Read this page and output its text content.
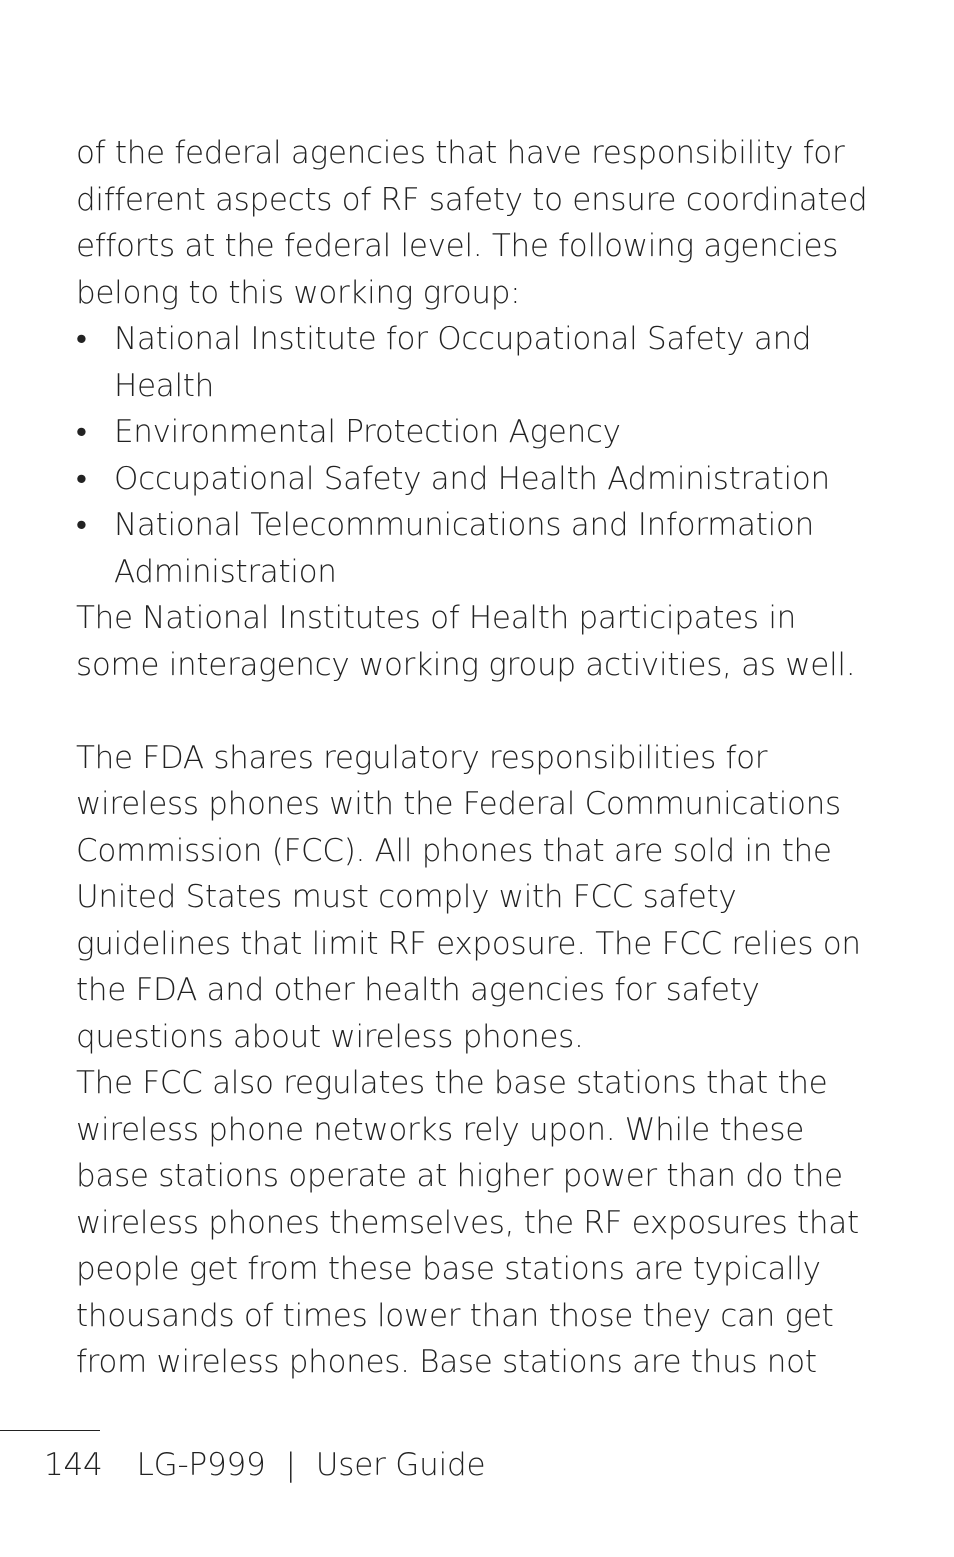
of the federal agencies that have responsibility for different aspects of RF safety to ensure coordinated efforts at the federal level. The following agencies belong to this working group:

• National Institute for Occupational Safety and Health
• Environmental Protection Agency
• Occupational Safety and Health Administration
• National Telecommunications and Information Administration

The National Institutes of Health participates in some interagency working group activities, as well.

The FDA shares regulatory responsibilities for wireless phones with the Federal Communications Commission (FCC). All phones that are sold in the United States must comply with FCC safety guidelines that limit RF exposure. The FCC relies on the FDA and other health agencies for safety questions about wireless phones.

The FCC also regulates the base stations that the wireless phone networks rely upon. While these base stations operate at higher power than do the wireless phones themselves, the RF exposures that people get from these base stations are typically thousands of times lower than those they can get from wireless phones. Base stations are thus not

144 LG-P999 | User Guide
